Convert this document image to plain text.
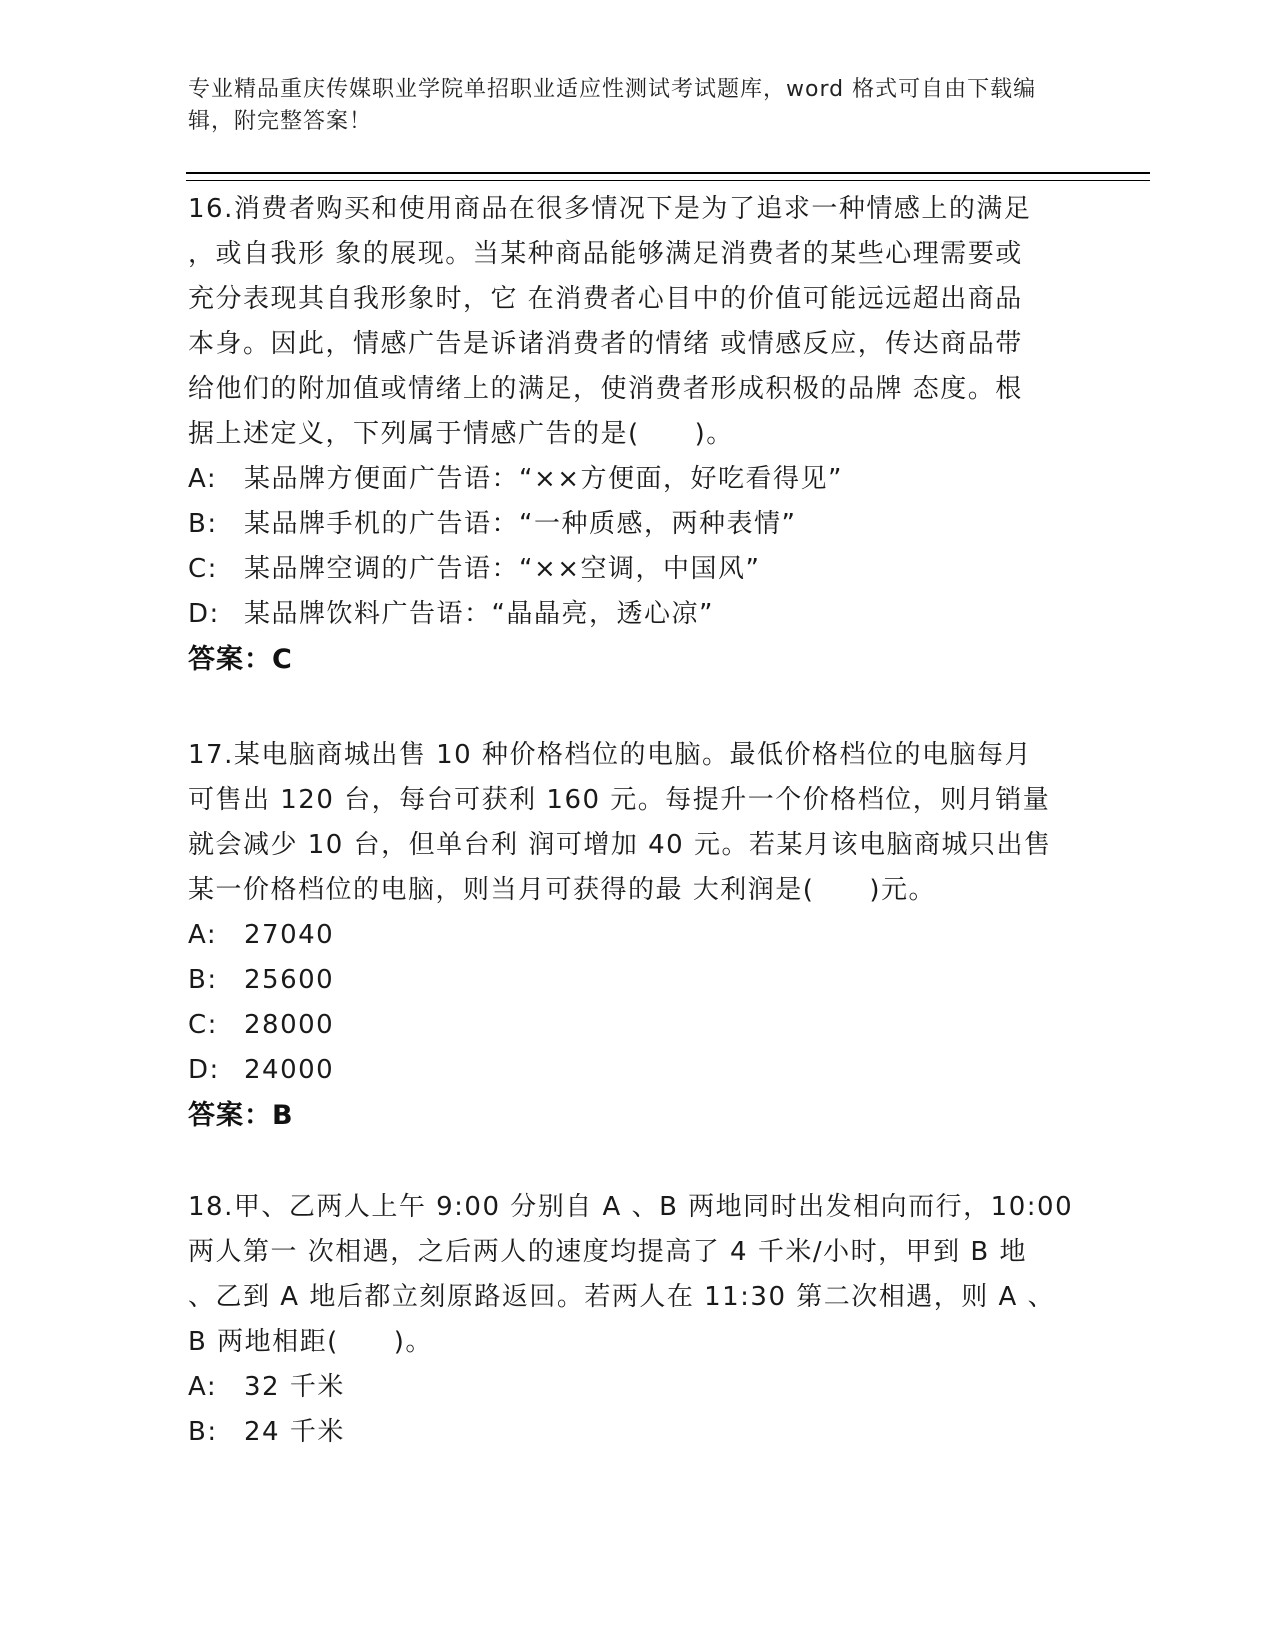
专业精品重庆传媒职业学院单招职业适应性测试考试题库，word 格式可自由下载编辑，附完整答案！

16.消费者购买和使用商品在很多情况下是为了追求一种情感上的满足
，或自我形 象的展现。当某种商品能够满足消费者的某些心理需要或
充分表现其自我形象时，它 在消费者心目中的价值可能远远超出商品
本身。因此，情感广告是诉诸消费者的情绪 或情感反应，传达商品带
给他们的附加值或情绪上的满足，使消费者形成积极的品牌 态度。根
据上述定义，下列属于情感广告的是(　　)。

A: 某品牌方便面广告语：“××方便面，好吃看得见”
B: 某品牌手机的广告语：“一种质感，两种表情”
C: 某品牌空调的广告语：“××空调，中国风”
D: 某品牌饮料广告语：“晶晶亮，透心凉”
答案：C

17.某电脑商城出售 10 种价格档位的电脑。最低价格档位的电脑每月
可售出 120 台，每台可获利 160 元。每提升一个价格档位，则月销量
就会减少 10 台，但单台利 润可增加 40 元。若某月该电脑商城只出售
某一价格档位的电脑，则当月可获得的最 大利润是(　　)元。

A: 27040
B: 25600
C: 28000
D: 24000
答案：B

18.甲、乙两人上午 9:00 分别自 A 、B 两地同时出发相向而行，10:00
两人第一 次相遇，之后两人的速度均提高了 4 千米/小时，甲到 B 地
、乙到 A 地后都立刻原路返回。若两人在 11:30 第二次相遇，则 A 、
B 两地相距(　　)。

A: 32 千米
B: 24 千米
